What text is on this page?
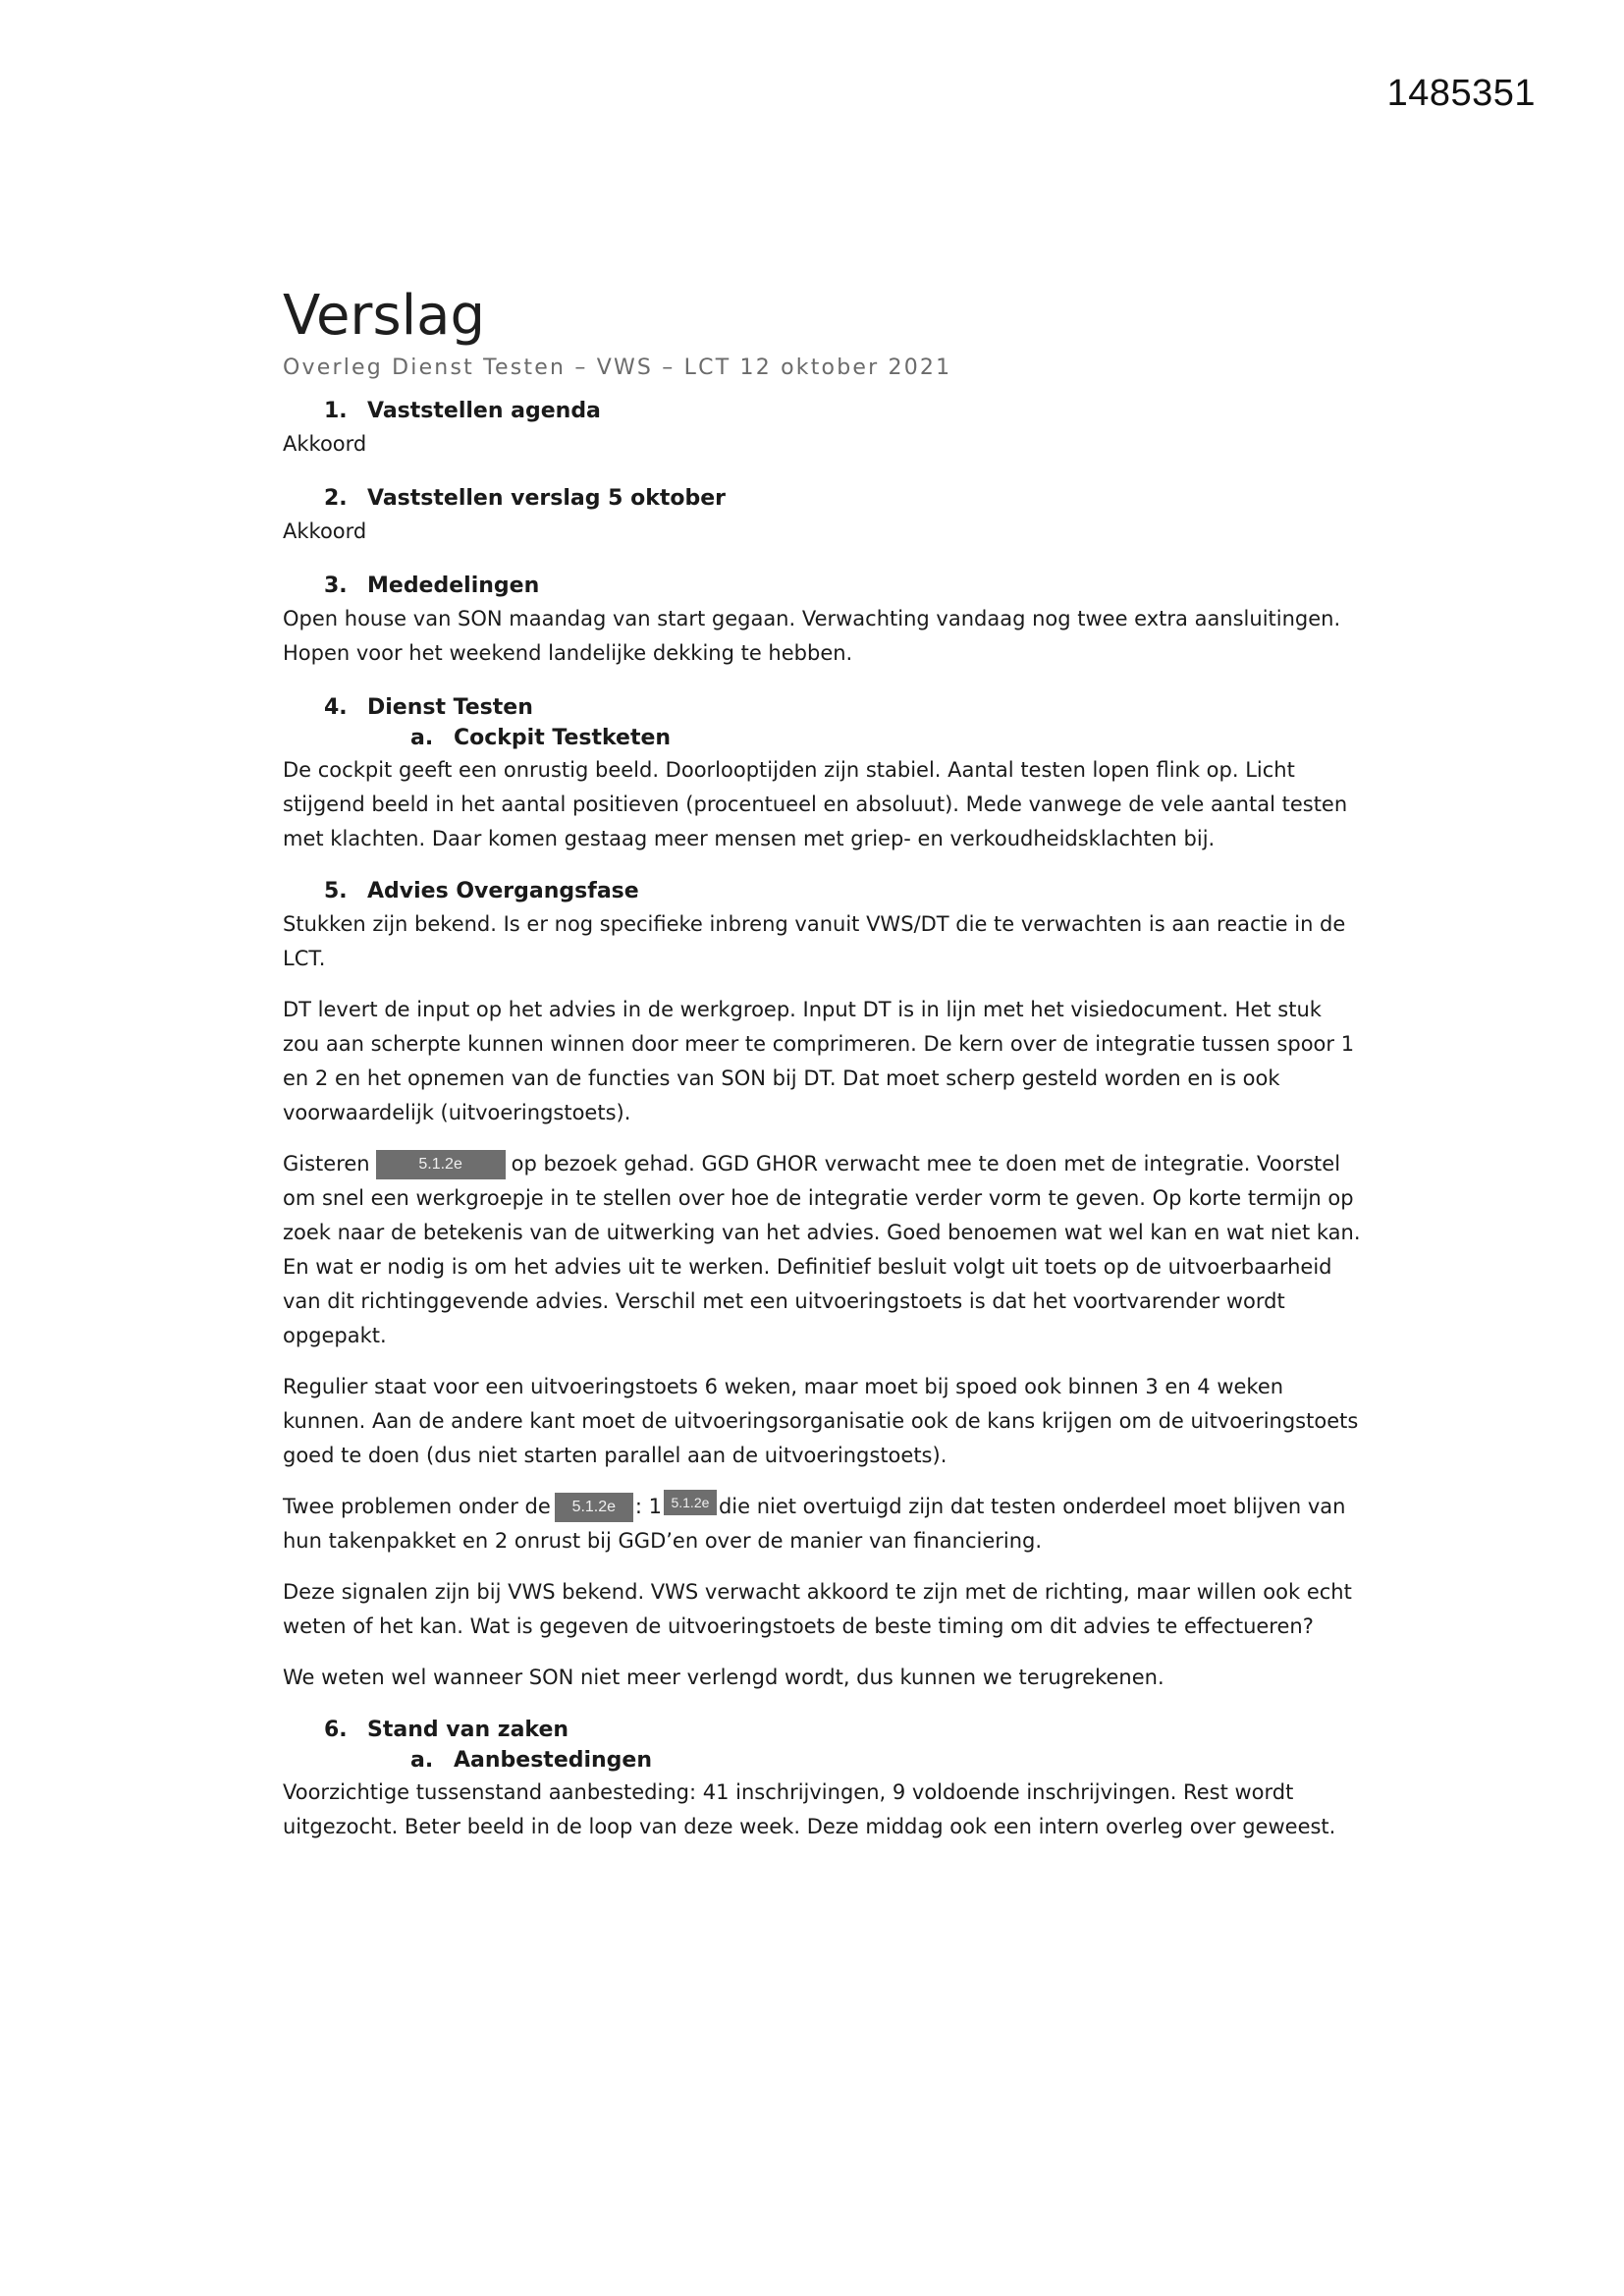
1485351
Verslag
Overleg Dienst Testen – VWS – LCT 12 oktober 2021
1. Vaststellen agenda

Akkoord

2. Vaststellen verslag 5 oktober

Akkoord

3. Mededelingen

Open house van SON maandag van start gegaan. Verwachting vandaag nog twee extra aansluitingen. Hopen voor het weekend landelijke dekking te hebben.

4. Dienst Testen
a. Cockpit Testketen

De cockpit geeft een onrustig beeld. Doorlooptijden zijn stabiel. Aantal testen lopen flink op. Licht stijgend beeld in het aantal positieven (procentueel en absoluut). Mede vanwege de vele aantal testen met klachten. Daar komen gestaag meer mensen met griep- en verkoudheidsklachten bij.

5. Advies Overgangsfase

Stukken zijn bekend. Is er nog specifieke inbreng vanuit VWS/DT die te verwachten is aan reactie in de LCT.

DT levert de input op het advies in de werkgroep. Input DT is in lijn met het visiedocument. Het stuk zou aan scherpte kunnen winnen door meer te comprimeren. De kern over de integratie tussen spoor 1 en 2 en het opnemen van de functies van SON bij DT. Dat moet scherp gesteld worden en is ook voorwaardelijk (uitvoeringstoets).

Gisteren	5.1.2e op bezoek gehad. GGD GHOR verwacht mee te doen met de integratie. Voorstel om snel een werkgroepje in te stellen over hoe de integratie verder vorm te geven. Op korte termijn op zoek naar de betekenis van de uitwerking van het advies. Goed benoemen wat wel kan en wat niet kan. En wat er nodig is om het advies uit te werken. Definitief besluit volgt uit toets op de uitvoerbaarheid van dit richtinggevende advies. Verschil met een uitvoeringstoets is dat het voortvarender wordt opgepakt.

Regulier staat voor een uitvoeringstoets 6 weken, maar moet bij spoed ook binnen 3 en 4 weken kunnen. Aan de andere kant moet de uitvoeringsorganisatie ook de kans krijgen om de uitvoeringstoets goed te doen (dus niet starten parallel aan de uitvoeringstoets).

Twee problemen onder de 5.1.2e : 1 5.1.2e die niet overtuigd zijn dat testen onderdeel moet blijven van hun takenpakket en 2 onrust bij GGD’en over de manier van financiering.

Deze signalen zijn bij VWS bekend. VWS verwacht akkoord te zijn met de richting, maar willen ook echt weten of het kan. Wat is gegeven de uitvoeringstoets de beste timing om dit advies te effectueren?

We weten wel wanneer SON niet meer verlengd wordt, dus kunnen we terugrekenen.

6. Stand van zaken
a. Aanbestedingen

Voorzichtige tussenstand aanbesteding: 41 inschrijvingen, 9 voldoende inschrijvingen. Rest wordt uitgezocht. Beter beeld in de loop van deze week. Deze middag ook een intern overleg over geweest.
